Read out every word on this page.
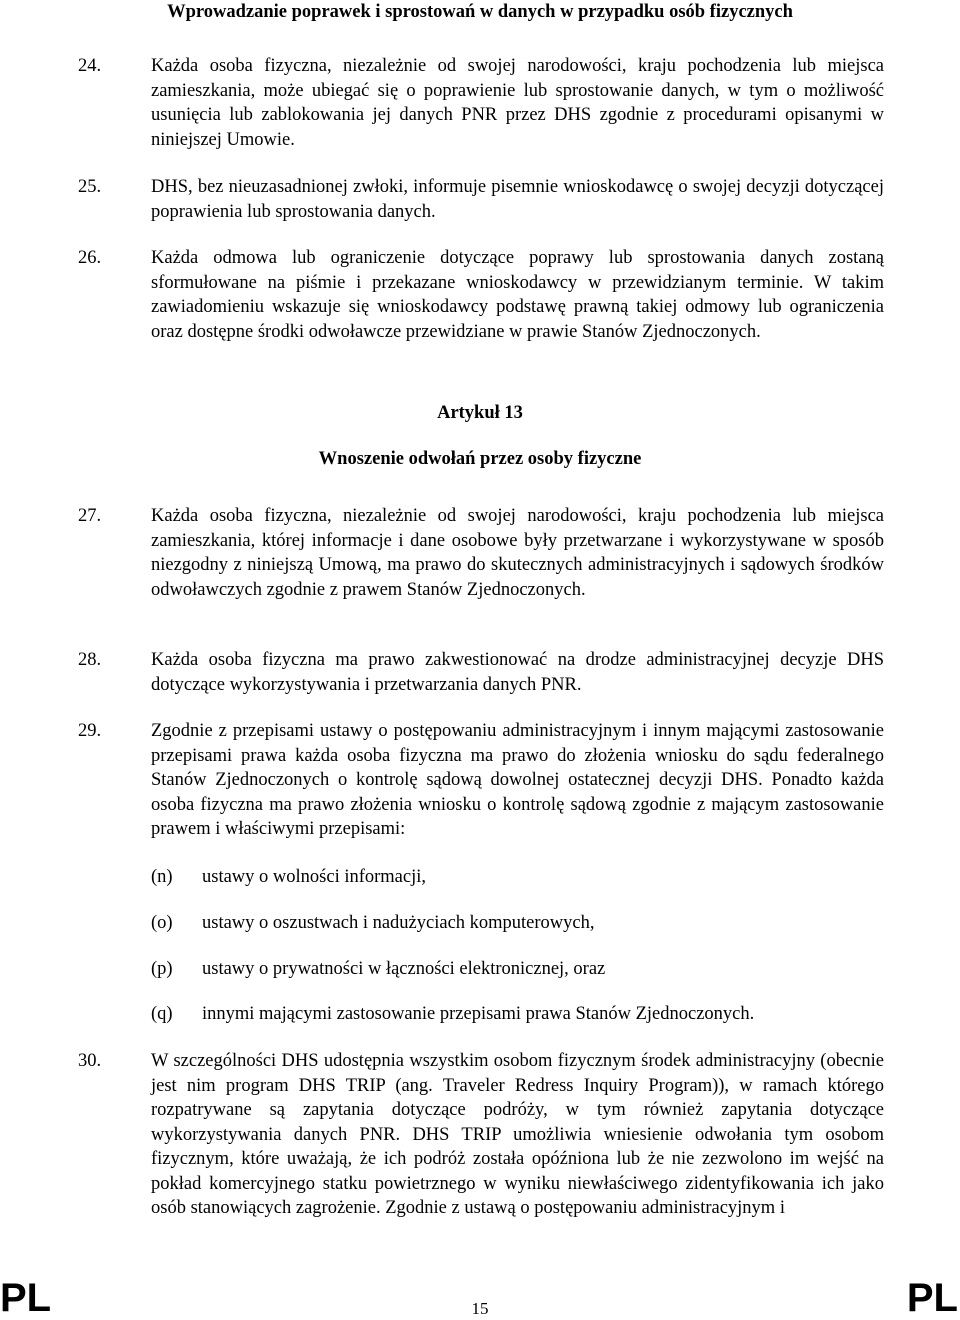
Wprowadzanie poprawek i sprostowań w danych w przypadku osób fizycznych
24.	Każda osoba fizyczna, niezależnie od swojej narodowości, kraju pochodzenia lub miejsca zamieszkania, może ubiegać się o poprawienie lub sprostowanie danych, w tym o możliwość usunięcia lub zablokowania jej danych PNR przez DHS zgodnie z procedurami opisanymi w niniejszej Umowie.
25.	DHS, bez nieuzasadnionej zwłoki, informuje pisemnie wnioskodawcę o swojej decyzji dotyczącej poprawienia lub sprostowania danych.
26.	Każda odmowa lub ograniczenie dotyczące poprawy lub sprostowania danych zostaną sformułowane na piśmie i przekazane wnioskodawcy w przewidzianym terminie. W takim zawiadomieniu wskazuje się wnioskodawcy podstawę prawną takiej odmowy lub ograniczenia oraz dostępne środki odwoławcze przewidziane w prawie Stanów Zjednoczonych.
Artykuł 13
Wnoszenie odwołań przez osoby fizyczne
27.	Każda osoba fizyczna, niezależnie od swojej narodowości, kraju pochodzenia lub miejsca zamieszkania, której informacje i dane osobowe były przetwarzane i wykorzystywane w sposób niezgodny z niniejszą Umową, ma prawo do skutecznych administracyjnych i sądowych środków odwoławczych zgodnie z prawem Stanów Zjednoczonych.
28.	Każda osoba fizyczna ma prawo zakwestionować na drodze administracyjnej decyzje DHS dotyczące wykorzystywania i przetwarzania danych PNR.
29.	Zgodnie z przepisami ustawy o postępowaniu administracyjnym i innym mającymi zastosowanie przepisami prawa każda osoba fizyczna ma prawo do złożenia wniosku do sądu federalnego Stanów Zjednoczonych o kontrolę sądową dowolnej ostatecznej decyzji DHS. Ponadto każda osoba fizyczna ma prawo złożenia wniosku o kontrolę sądową zgodnie z mającym zastosowanie prawem i właściwymi przepisami:
(n) ustawy o wolności informacji,
(o) ustawy o oszustwach i nadużyciach komputerowych,
(p) ustawy o prywatności w łączności elektronicznej, oraz
(q) innymi mającymi zastosowanie przepisami prawa Stanów Zjednoczonych.
30.	W szczególności DHS udostępnia wszystkim osobom fizycznym środek administracyjny (obecnie jest nim program DHS TRIP (ang. Traveler Redress Inquiry Program)), w ramach którego rozpatrywane są zapytania dotyczące podróży, w tym również zapytania dotyczące wykorzystywania danych PNR. DHS TRIP umożliwia wniesienie odwołania tym osobom fizycznym, które uważają, że ich podróż została opóźniona lub że nie zezwolono im wejść na pokład komercyjnego statku powietrznego w wyniku niewłaściwego zidentyfikowania ich jako osób stanowiących zagrożenie. Zgodnie z ustawą o postępowaniu administracyjnym i
PL	15	PL
